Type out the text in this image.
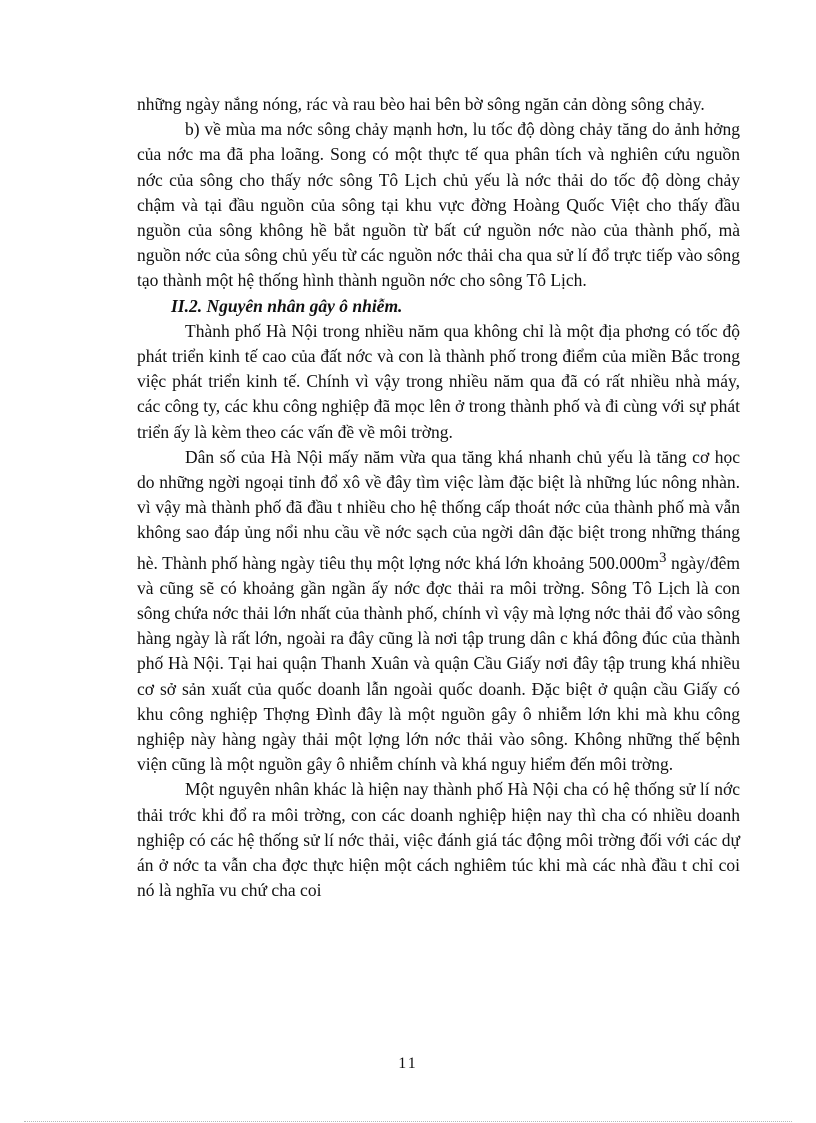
những ngày nắng nóng, rác và rau bèo hai bên bờ sông ngăn cản dòng sông chảy.

b) về mùa ma nớc sông chảy mạnh hơn, lu tốc độ dòng chảy tăng do ảnh hởng của nớc ma đã pha loãng. Song có một thực tế qua phân tích và nghiên cứu nguồn nớc của sông cho thấy nớc sông Tô Lịch chủ yếu là nớc thải do tốc độ dòng chảy chậm và tại đầu nguồn của sông tại khu vực đờng Hoàng Quốc Việt cho thấy đầu nguồn của sông không hề bắt nguồn từ bất cứ nguồn nớc nào của thành phố, mà nguồn nớc của sông chủ yếu từ các nguồn nớc thải cha qua sử lí đổ trực tiếp vào sông tạo thành một hệ thống hình thành nguồn nớc cho sông Tô Lịch.

II.2. Nguyên nhân gây ô nhiễm.

Thành phố Hà Nội trong nhiều năm qua không chỉ là một địa phơng có tốc độ phát triển kinh tế cao của đất nớc và con là thành phố trong điểm của miền Bắc trong việc phát triển kinh tế. Chính vì vậy trong nhiều năm qua đã có rất nhiều nhà máy, các công ty, các khu công nghiệp đã mọc lên ở trong thành phố và đi cùng với sự phát triển ấy là kèm theo các vấn đề về môi trờng.

Dân số của Hà Nội mấy năm vừa qua tăng khá nhanh chủ yếu là tăng cơ học do những ngời ngoại tỉnh đổ xô về đây tìm việc làm đặc biệt là những lúc nông nhàn. vì vậy mà thành phố đã đầu t nhiều cho hệ thống cấp thoát nớc của thành phố mà vẫn không sao đáp ủng nổi nhu cầu về nớc sạch của ngời dân đặc biệt trong những tháng hè. Thành phố hàng ngày tiêu thụ một lợng nớc khá lớn khoảng $500.000m^3$ ngày/đêm và cũng sẽ có khoảng gần ngần ấy nớc đợc thải ra môi trờng. Sông Tô Lịch là con sông chứa nớc thải lớn nhất của thành phố, chính vì vậy mà lợng nớc thải đổ vào sông hàng ngày là rất lớn, ngoài ra đây cũng là nơi tập trung dân c khá đông đúc của thành phố Hà Nội. Tại hai quận Thanh Xuân và quận Cầu Giấy nơi đây tập trung khá nhiều cơ sở sản xuất của quốc doanh lẫn ngoài quốc doanh. Đặc biệt ở quận cầu Giấy có khu công nghiệp Thợng Đình đây là một nguồn gây ô nhiễm lớn khi mà khu công nghiệp này hàng ngày thải một lợng lớn nớc thải vào sông. Không những thế bệnh viện cũng là một nguồn gây ô nhiễm chính và khá nguy hiểm đến môi trờng.

Một nguyên nhân khác là hiện nay thành phố Hà Nội cha có hệ thống sử lí nớc thải trớc khi đổ ra môi trờng, con các doanh nghiệp hiện nay thì cha có nhiều doanh nghiệp có các hệ thống sử lí nớc thải, việc đánh giá tác động môi trờng đối với các dự án ở nớc ta vẫn cha đợc thực hiện một cách nghiêm túc khi mà các nhà đầu t chỉ coi nó là nghĩa vu chứ cha coi

11
